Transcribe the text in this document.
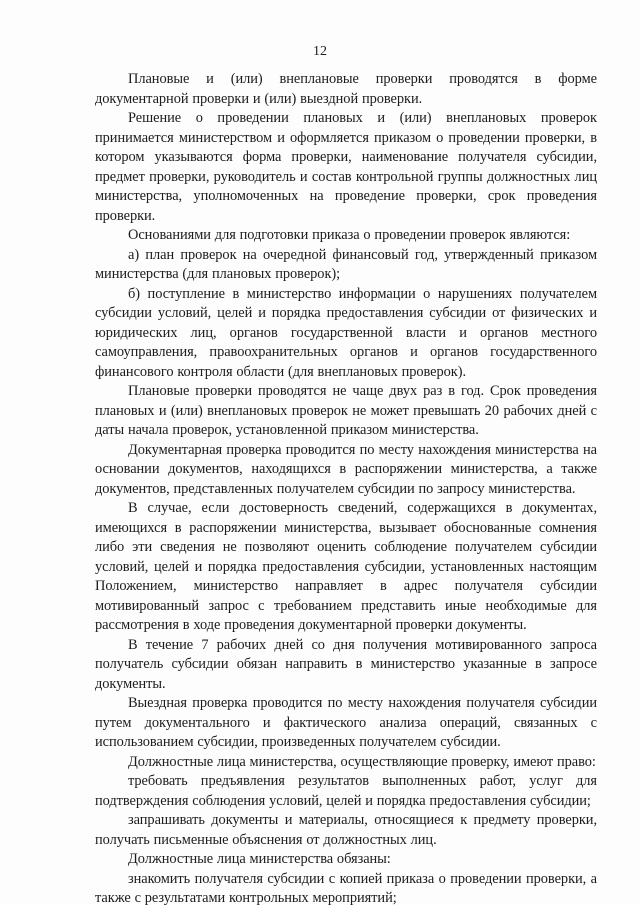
12

Плановые и (или) внеплановые проверки проводятся в форме документарной проверки и (или) выездной проверки.

Решение о проведении плановых и (или) внеплановых проверок принимается министерством и оформляется приказом о проведении проверки, в котором указываются форма проверки, наименование получателя субсидии, предмет проверки, руководитель и состав контрольной группы должностных лиц министерства, уполномоченных на проведение проверки, срок проведения проверки.

Основаниями для подготовки приказа о проведении проверок являются:

а) план проверок на очередной финансовый год, утвержденный приказом министерства (для плановых проверок);

б) поступление в министерство информации о нарушениях получателем субсидии условий, целей и порядка предоставления субсидии от физических и юридических лиц, органов государственной власти и органов местного самоуправления, правоохранительных органов и органов государственного финансового контроля области (для внеплановых проверок).

Плановые проверки проводятся не чаще двух раз в год. Срок проведения плановых и (или) внеплановых проверок не может превышать 20 рабочих дней с даты начала проверок, установленной приказом министерства.

Документарная проверка проводится по месту нахождения министерства на основании документов, находящихся в распоряжении министерства, а также документов, представленных получателем субсидии по запросу министерства.

В случае, если достоверность сведений, содержащихся в документах, имеющихся в распоряжении министерства, вызывает обоснованные сомнения либо эти сведения не позволяют оценить соблюдение получателем субсидии условий, целей и порядка предоставления субсидии, установленных настоящим Положением, министерство направляет в адрес получателя субсидии мотивированный запрос с требованием представить иные необходимые для рассмотрения в ходе проведения документарной проверки документы.

В течение 7 рабочих дней со дня получения мотивированного запроса получатель субсидии обязан направить в министерство указанные в запросе документы.

Выездная проверка проводится по месту нахождения получателя субсидии путем документального и фактического анализа операций, связанных с использованием субсидии, произведенных получателем субсидии.

Должностные лица министерства, осуществляющие проверку, имеют право:

требовать предъявления результатов выполненных работ, услуг для подтверждения соблюдения условий, целей и порядка предоставления субсидии;

запрашивать документы и материалы, относящиеся к предмету проверки, получать письменные объяснения от должностных лиц.

Должностные лица министерства обязаны:

знакомить получателя субсидии с копией приказа о проведении проверки, а также с результатами контрольных мероприятий;
